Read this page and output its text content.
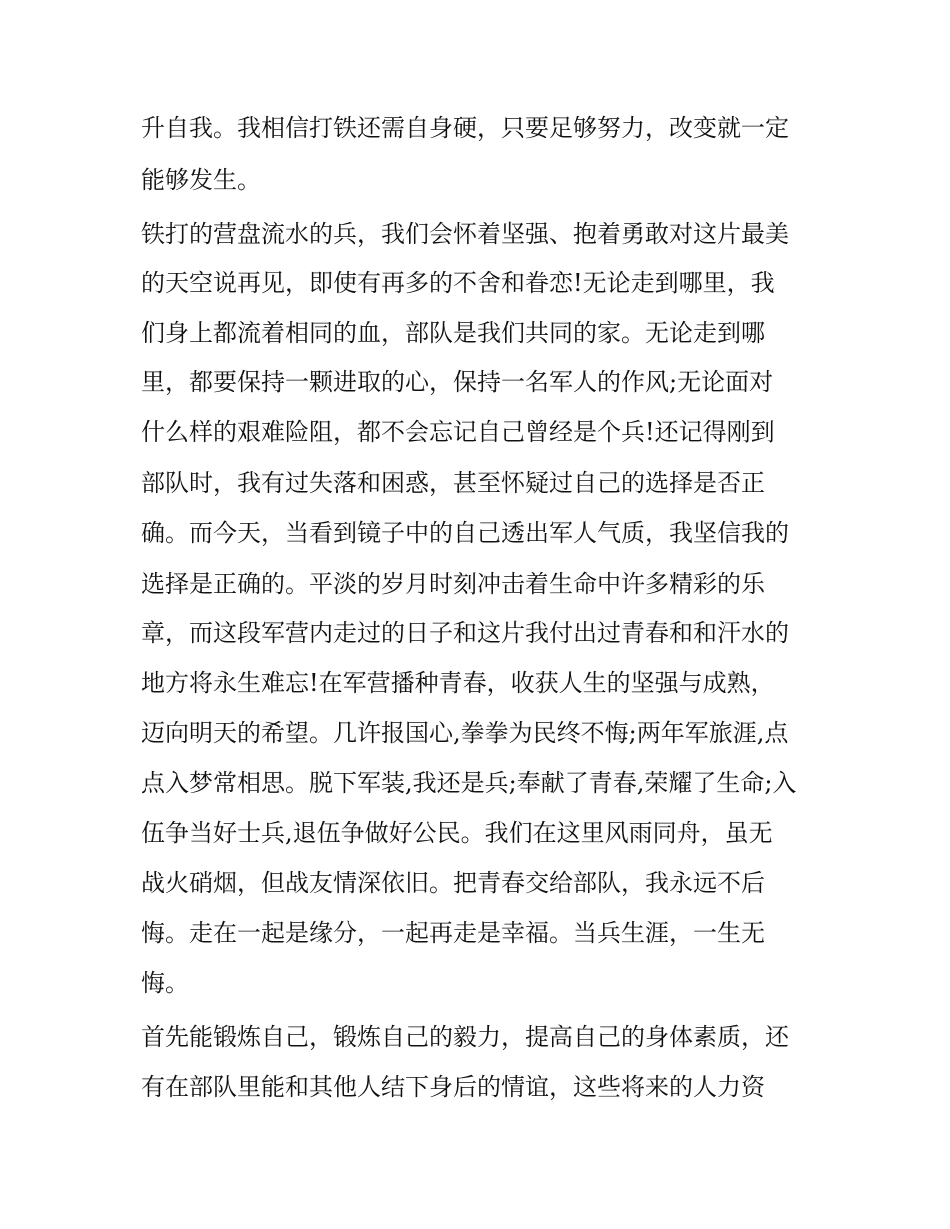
升自我。我相信打铁还需自身硬，只要足够努力，改变就一定
能够发生。
铁打的营盘流水的兵，我们会怀着坚强、抱着勇敢对这片最美
的天空说再见，即使有再多的不舍和眷恋!无论走到哪里，我
们身上都流着相同的血，部队是我们共同的家。无论走到哪
里，都要保持一颗进取的心，保持一名军人的作风;无论面对
什么样的艰难险阻，都不会忘记自己曾经是个兵!还记得刚到
部队时，我有过失落和困惑，甚至怀疑过自己的选择是否正
确。而今天，当看到镜子中的自己透出军人气质，我坚信我的
选择是正确的。平淡的岁月时刻冲击着生命中许多精彩的乐
章，而这段军营内走过的日子和这片我付出过青春和和汗水的
地方将永生难忘!在军营播种青春，收获人生的坚强与成熟，
迈向明天的希望。几许报国心,拳拳为民终不悔;两年军旅涯,点
点入梦常相思。脱下军装,我还是兵;奉献了青春,荣耀了生命;入
伍争当好士兵,退伍争做好公民。我们在这里风雨同舟，虽无
战火硝烟，但战友情深依旧。把青春交给部队，我永远不后
悔。走在一起是缘分，一起再走是幸福。当兵生涯，一生无
悔。
首先能锻炼自己，锻炼自己的毅力，提高自己的身体素质，还
有在部队里能和其他人结下身后的情谊，这些将来的人力资
